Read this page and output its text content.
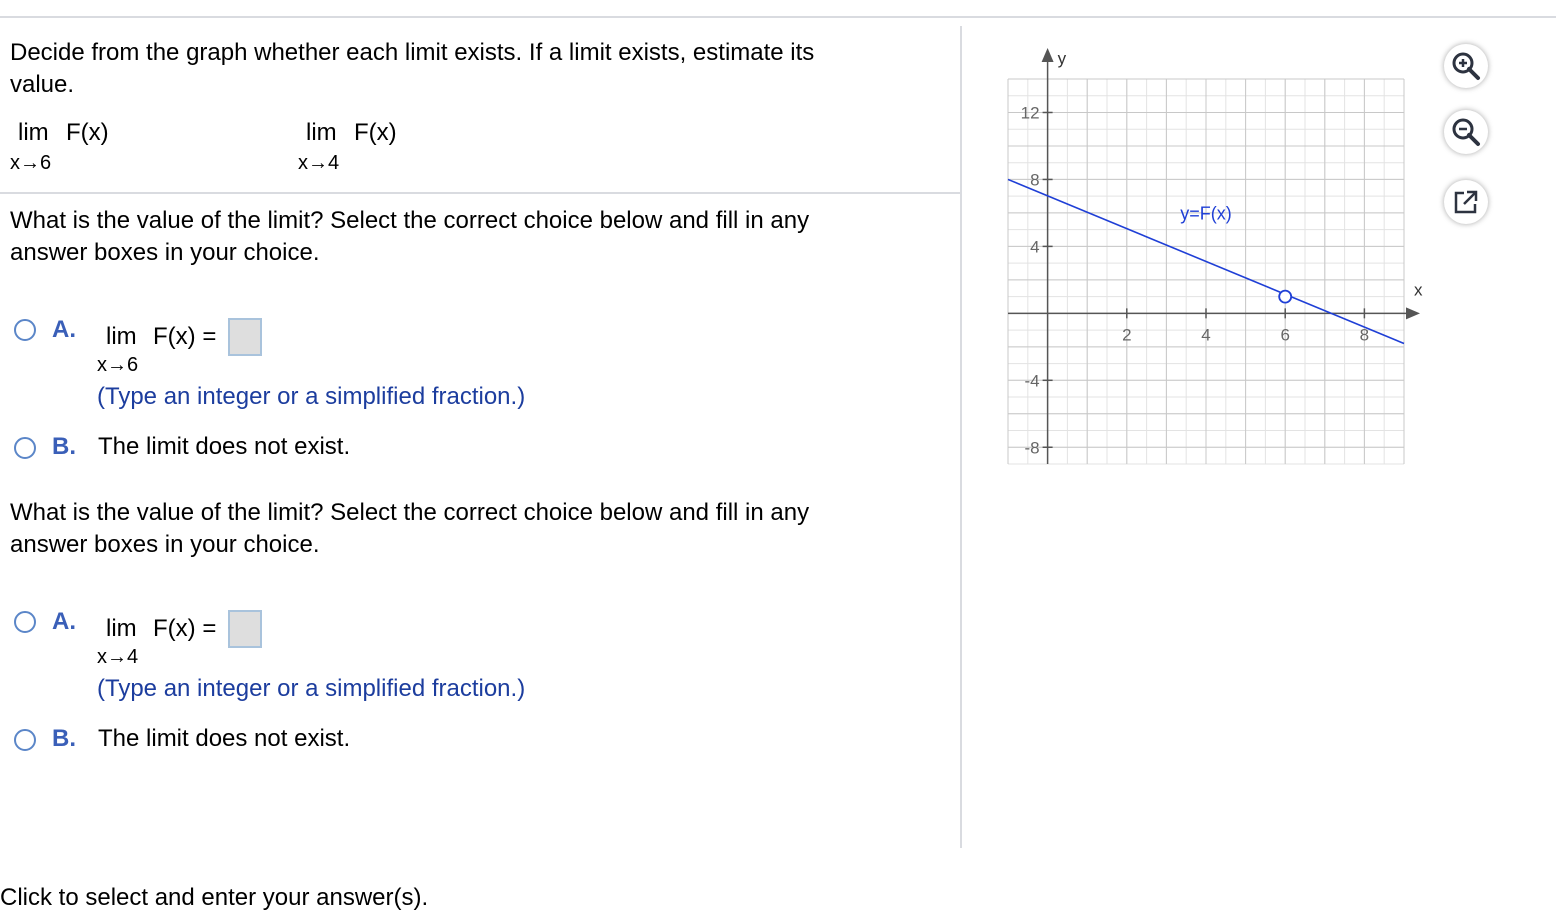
Decide from the graph whether each limit exists. If a limit exists, estimate its
value.
lim F(x)
x→6
lim F(x)
x→4
What is the value of the limit? Select the correct choice below and fill in any
answer boxes in your choice.
A. lim F(x) =
x→6
(Type an integer or a simplified fraction.)
B. The limit does not exist.
What is the value of the limit? Select the correct choice below and fill in any
answer boxes in your choice.
A. lim F(x) =
x→4
(Type an integer or a simplified fraction.)
B. The limit does not exist.
Click to select and enter your answer(s).
y
x
2	4	6	8
12
8
4
-4
-8
y=F(x)
